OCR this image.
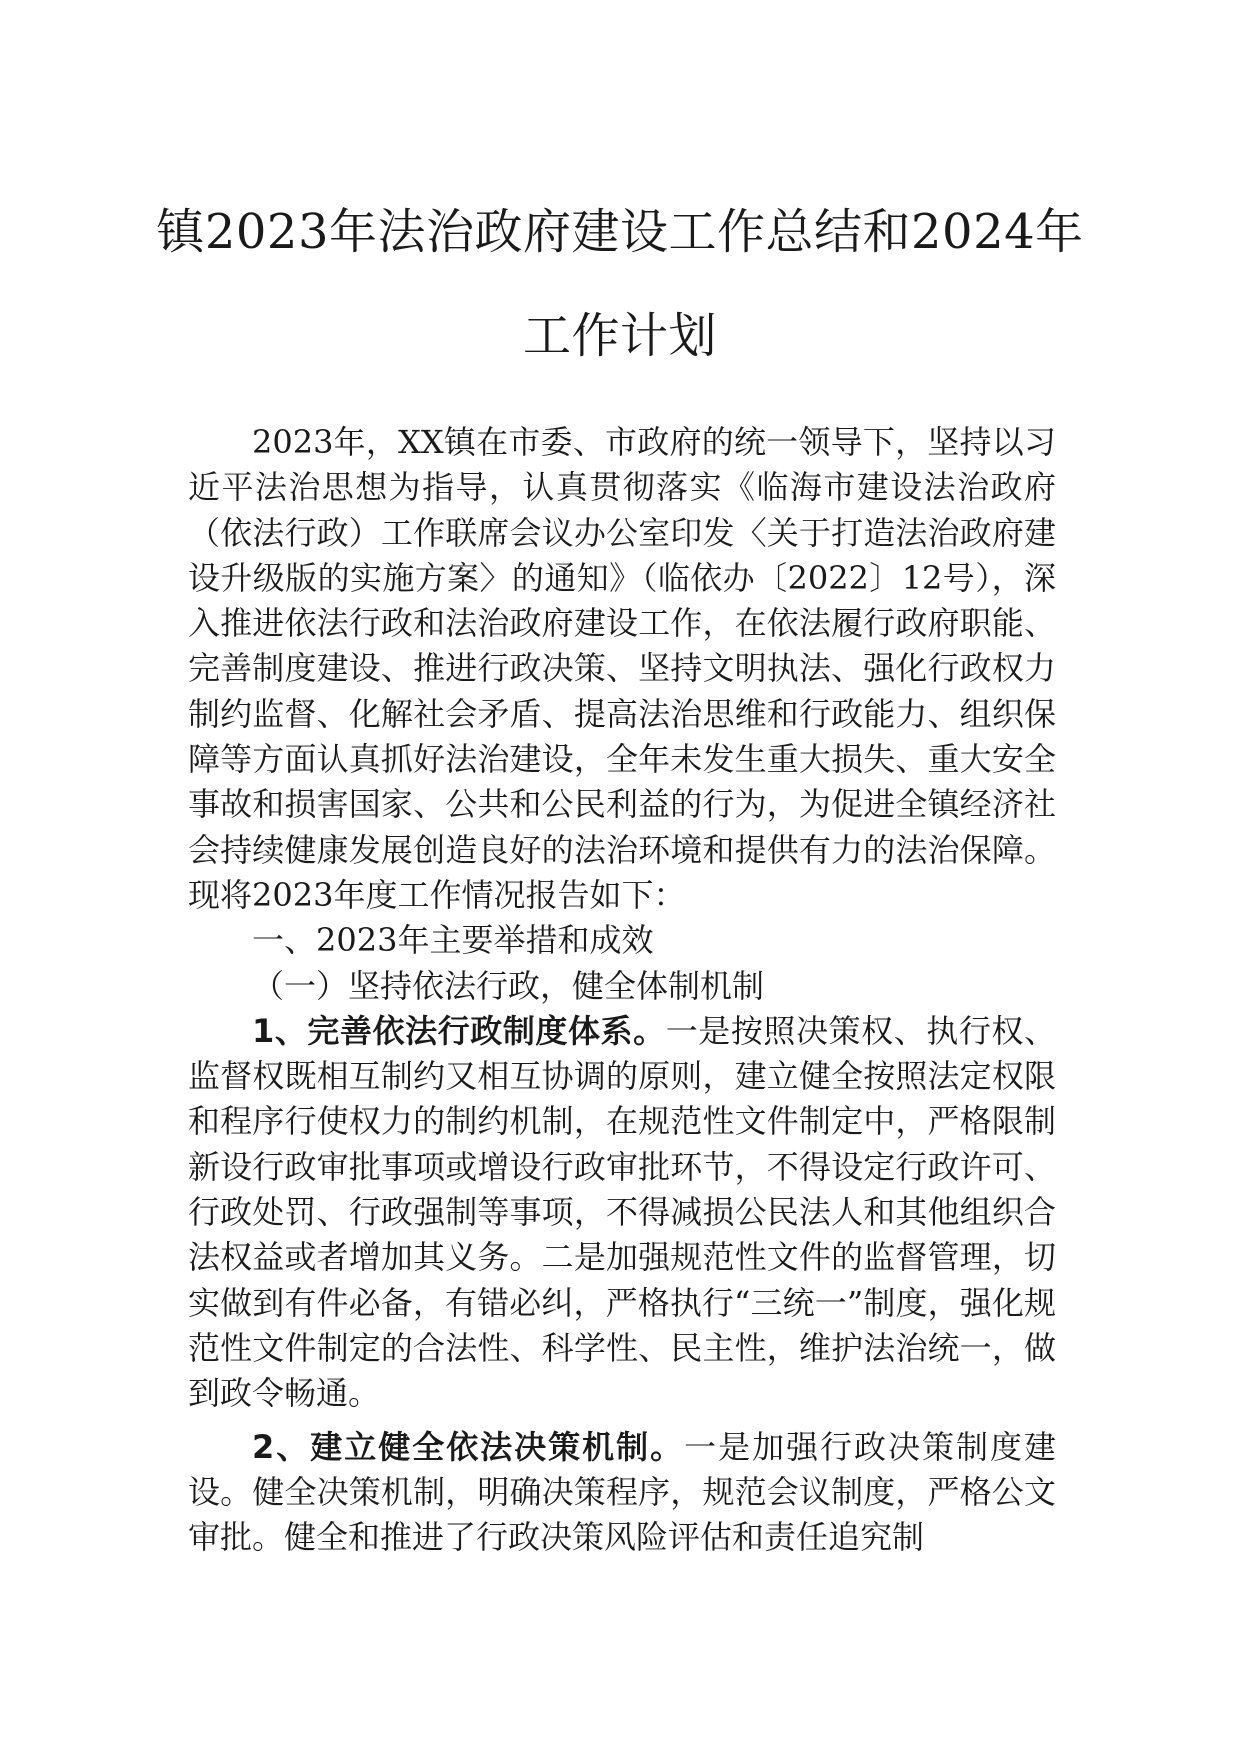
镇2023年法治政府建设工作总结和2024年
工作计划

2023年，XX镇在市委、市政府的统一领导下，坚持以习近平法治思想为指导，认真贯彻落实《临海市建设法治政府（依法行政）工作联席会议办公室印发〈关于打造法治政府建设升级版的实施方案〉的通知》（临依办〔2022〕12号），深入推进依法行政和法治政府建设工作，在依法履行政府职能、完善制度建设、推进行政决策、坚持文明执法、强化行政权力制约监督、化解社会矛盾、提高法治思维和行政能力、组织保障等方面认真抓好法治建设，全年未发生重大损失、重大安全事故和损害国家、公共和公民利益的行为，为促进全镇经济社会持续健康发展创造良好的法治环境和提供有力的法治保障。现将2023年度工作情况报告如下：

一、2023年主要举措和成效

（一）坚持依法行政，健全体制机制

1、完善依法行政制度体系。一是按照决策权、执行权、监督权既相互制约又相互协调的原则，建立健全按照法定权限和程序行使权力的制约机制，在规范性文件制定中，严格限制新设行政审批事项或增设行政审批环节，不得设定行政许可、行政处罚、行政强制等事项，不得减损公民法人和其他组织合法权益或者增加其义务。二是加强规范性文件的监督管理，切实做到有件必备，有错必纠，严格执行“三统一”制度，强化规范性文件制定的合法性、科学性、民主性，维护法治统一，做到政令畅通。

2、建立健全依法决策机制。一是加强行政决策制度建设。健全决策机制，明确决策程序，规范会议制度，严格公文审批。健全和推进了行政决策风险评估和责任追究制
